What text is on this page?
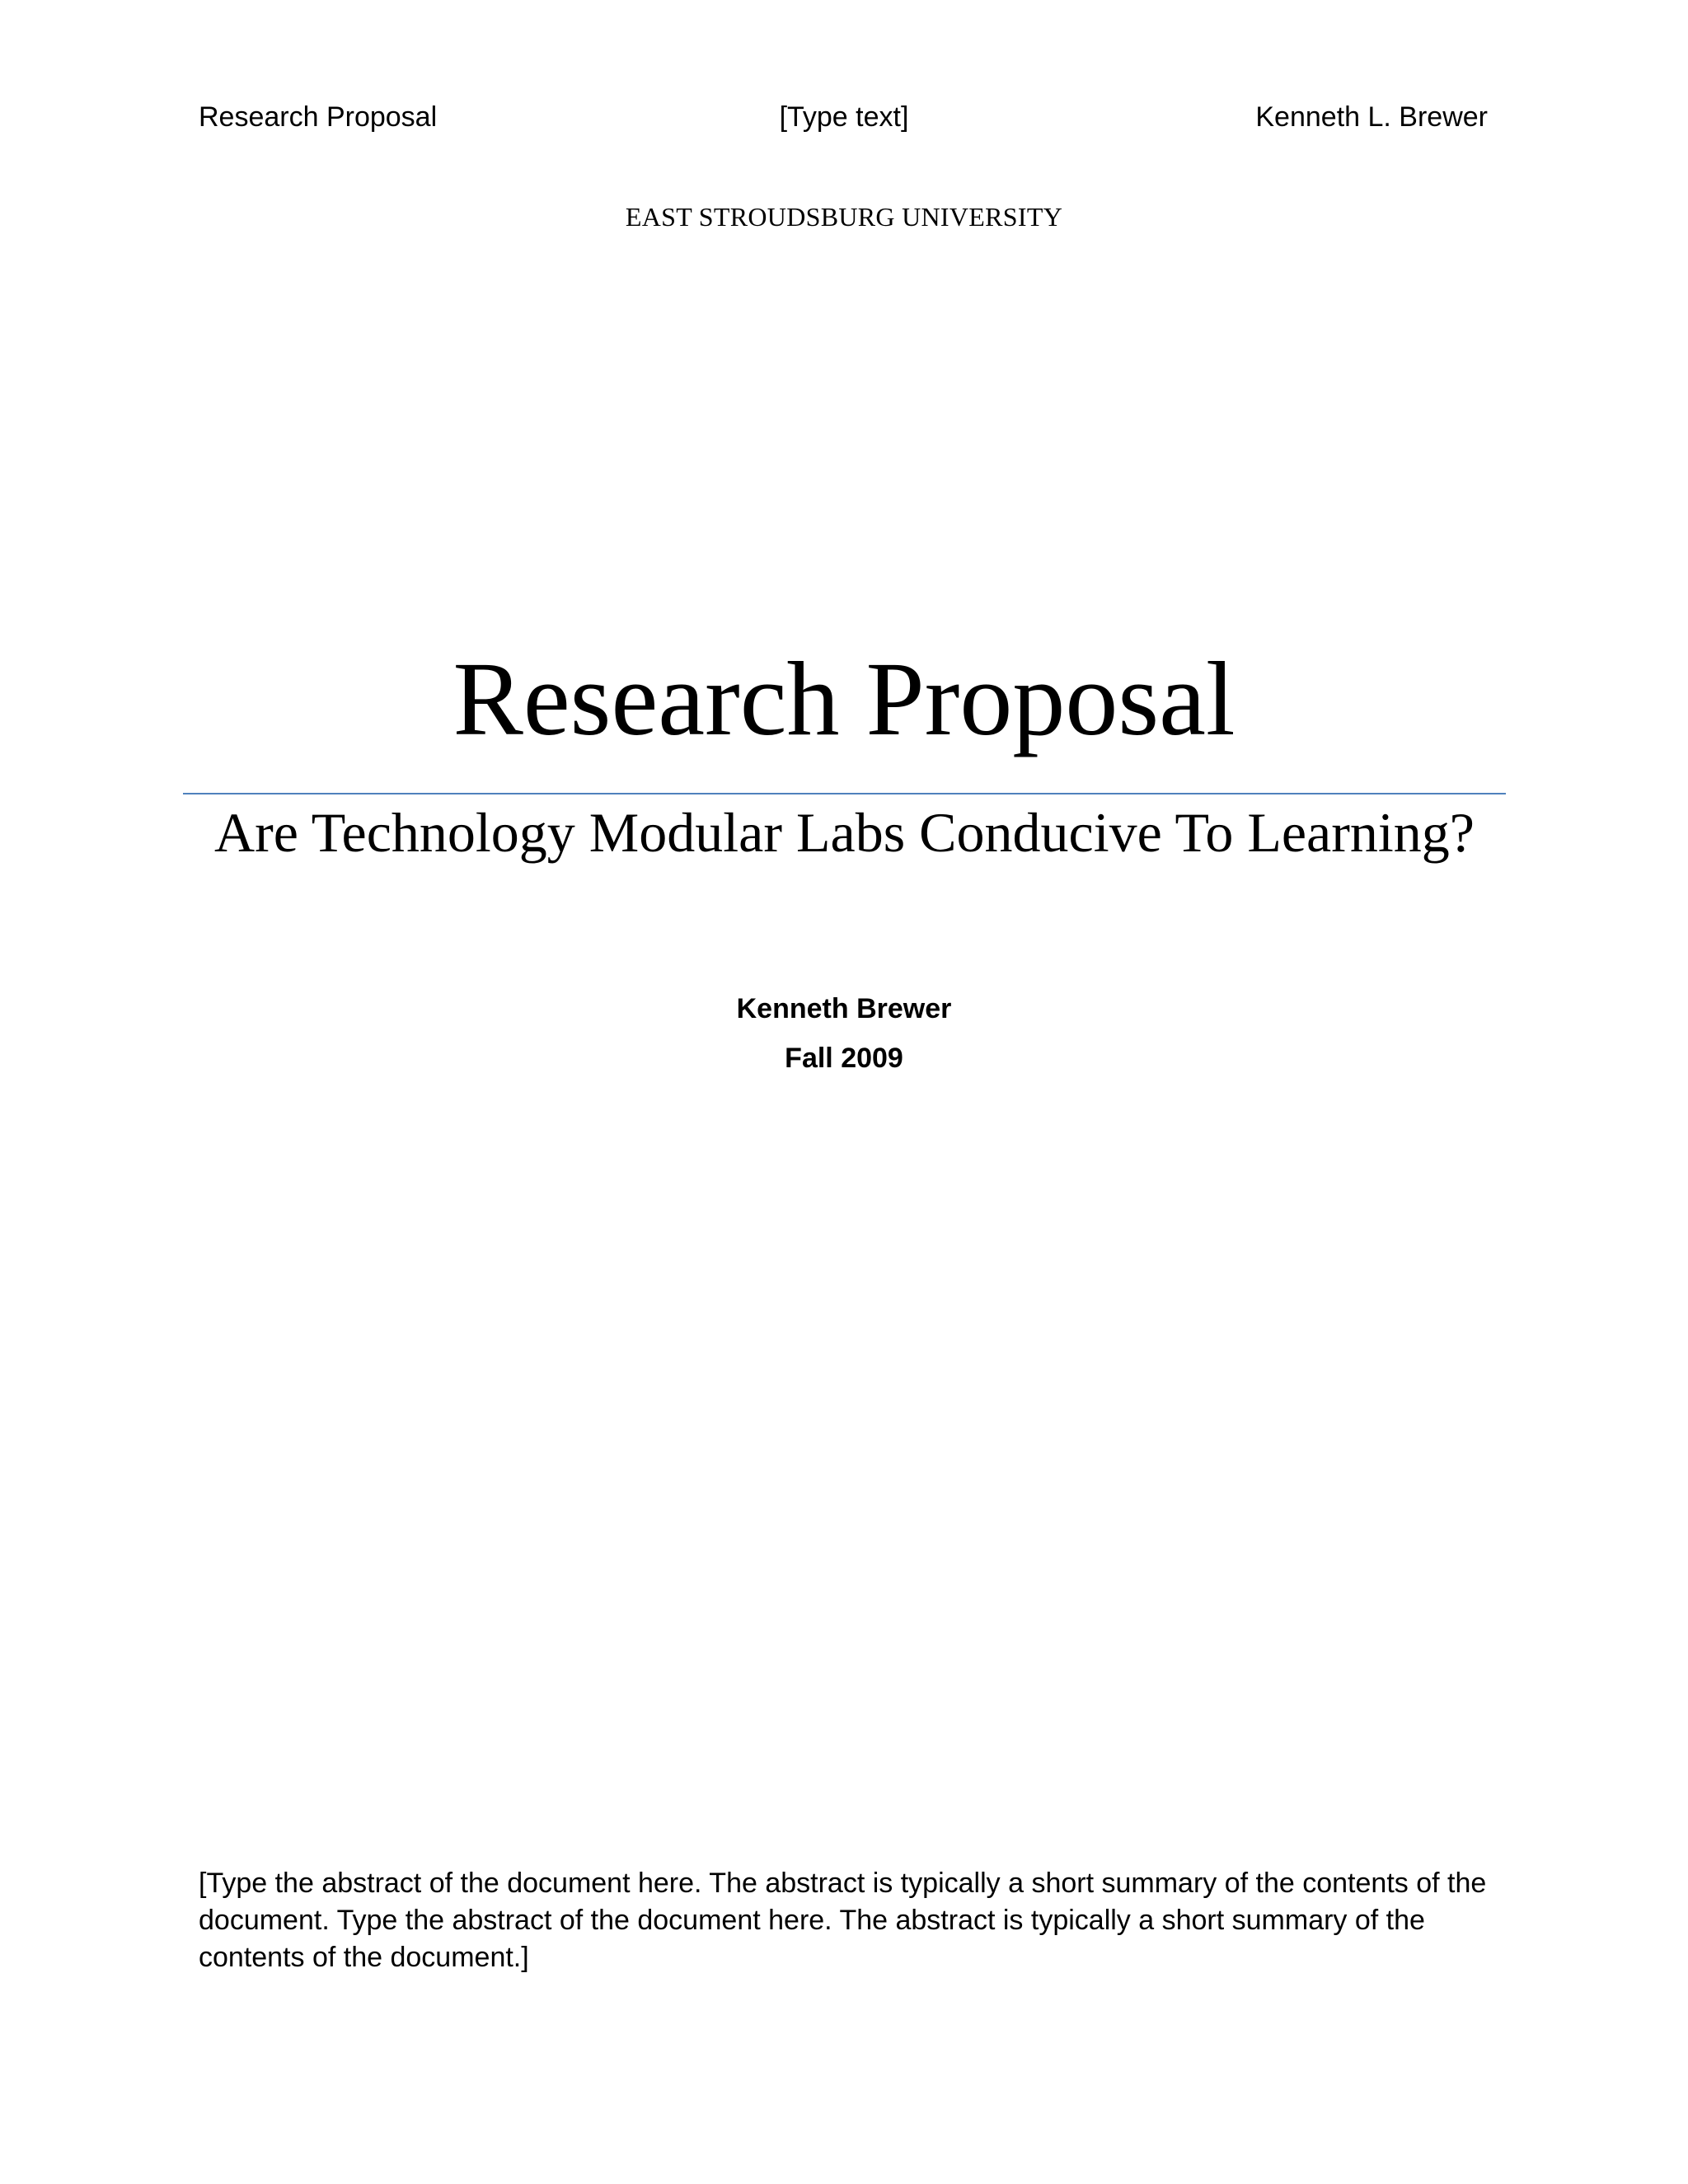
Research Proposal	[Type text]	Kenneth L. Brewer
EAST STROUDSBURG UNIVERSITY
Research Proposal
Are Technology Modular Labs Conducive To Learning?
Kenneth Brewer
Fall 2009
[Type the abstract of the document here. The abstract is typically a short summary of the contents of the document. Type the abstract of the document here. The abstract is typically a short summary of the contents of the document.]
